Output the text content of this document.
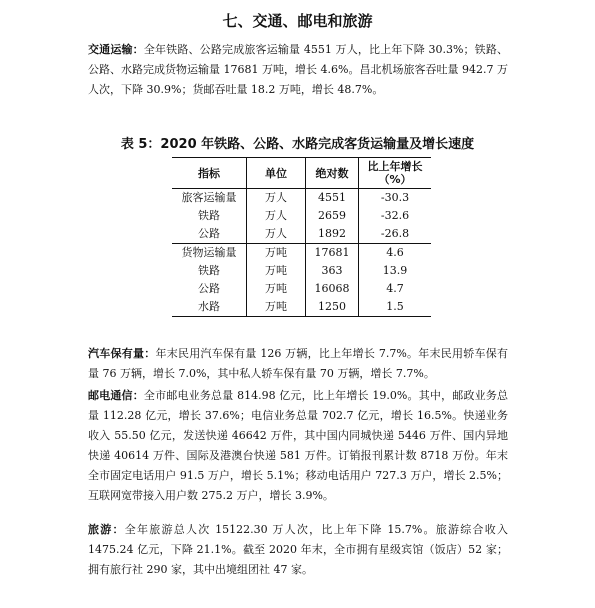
七、交通、邮电和旅游
交通运输：全年铁路、公路完成旅客运输量 4551 万人，比上年下降 30.3%；铁路、公路、水路完成货物运输量 17681 万吨，增长 4.6%。昌北机场旅客吞吐量 942.7 万人次，下降 30.9%；货邮吞吐量 18.2 万吨，增长 48.7%。
表 5：2020 年铁路、公路、水路完成客货运输量及增长速度
指标	单位	绝对数	比上年增长
（%）
旅客运输量	万人	4551	-30.3
铁路	万人	2659	-32.6
公路	万人	1892	-26.8
货物运输量	万吨	17681	4.6
铁路	万吨	363	13.9
公路	万吨	16068	4.7
水路	万吨	1250	1.5
汽车保有量：年末民用汽车保有量 126 万辆，比上年增长 7.7%。年末民用轿车保有量 76 万辆，增长 7.0%，其中私人轿车保有量 70 万辆，增长 7.7%。
邮电通信：全市邮电业务总量 814.98 亿元，比上年增长 19.0%。其中，邮政业务总量 112.28 亿元，增长 37.6%；电信业务总量 702.7 亿元，增长 16.5%。快递业务收入 55.50 亿元，发送快递 46642 万件，其中国内同城快递 5446 万件、国内异地快递 40614 万件、国际及港澳台快递 581 万件。订销报刊累计数 8718 万份。年末全市固定电话用户 91.5 万户，增长 5.1%；移动电话用户 727.3 万户，增长 2.5%；互联网宽带接入用户数 275.2 万户，增长 3.9%。
旅游：全年旅游总人次 15122.30 万人次，比上年下降 15.7%。旅游综合收入 1475.24 亿元，下降 21.1%。截至 2020 年末，全市拥有星级宾馆（饭店）52 家；拥有旅行社 290 家，其中出境组团社 47 家。
